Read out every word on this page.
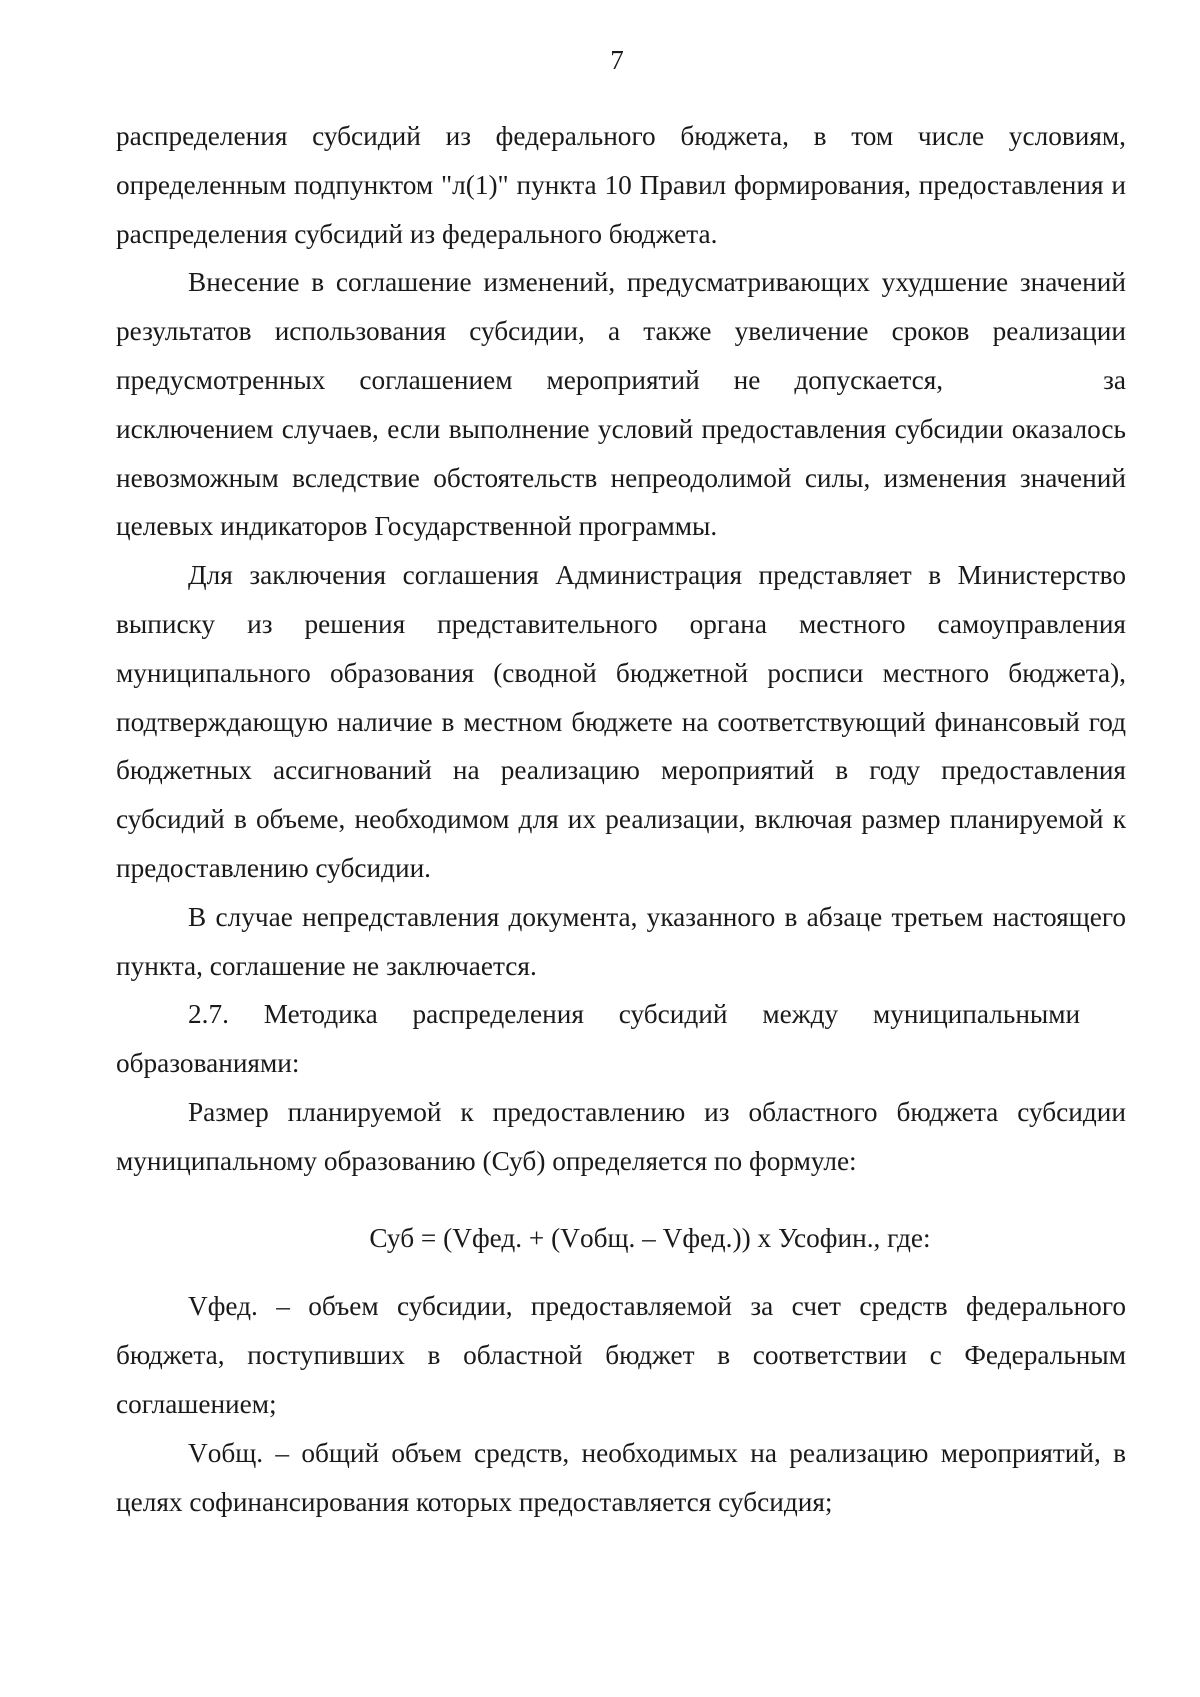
7

распределения субсидий из федерального бюджета, в том числе условиям, определенным подпунктом "л(1)" пункта 10 Правил формирования, предоставления и распределения субсидий из федерального бюджета.

Внесение в соглашение изменений, предусматривающих ухудшение значений результатов использования субсидии, а также увеличение сроков реализации предусмотренных соглашением мероприятий не допускается,	за исключением случаев, если выполнение условий предоставления субсидии оказалось невозможным вследствие обстоятельств непреодолимой силы, изменения значений целевых индикаторов Государственной программы.

Для заключения соглашения Администрация представляет в Министерство выписку из решения представительного органа местного самоуправления муниципального образования (сводной бюджетной росписи местного бюджета), подтверждающую наличие в местном бюджете на соответствующий финансовый год бюджетных ассигнований на реализацию мероприятий в году предоставления субсидий в объеме, необходимом для их реализации, включая размер планируемой к предоставлению субсидии.

В случае непредставления документа, указанного в абзаце третьем настоящего пункта, соглашение не заключается.

2.7. Методика распределения субсидий между муниципальными

образованиями:

Размер планируемой к предоставлению из областного бюджета субсидии муниципальному образованию (Суб) определяется по формуле:

Суб = (Vфед. + (Vобщ. – Vфед.)) x Усофин., где:

Vфед. – объем субсидии, предоставляемой за счет средств федерального бюджета, поступивших в областной бюджет в соответствии с Федеральным соглашением;

Vобщ. – общий объем средств, необходимых на реализацию мероприятий, в целях софинансирования которых предоставляется субсидия;
